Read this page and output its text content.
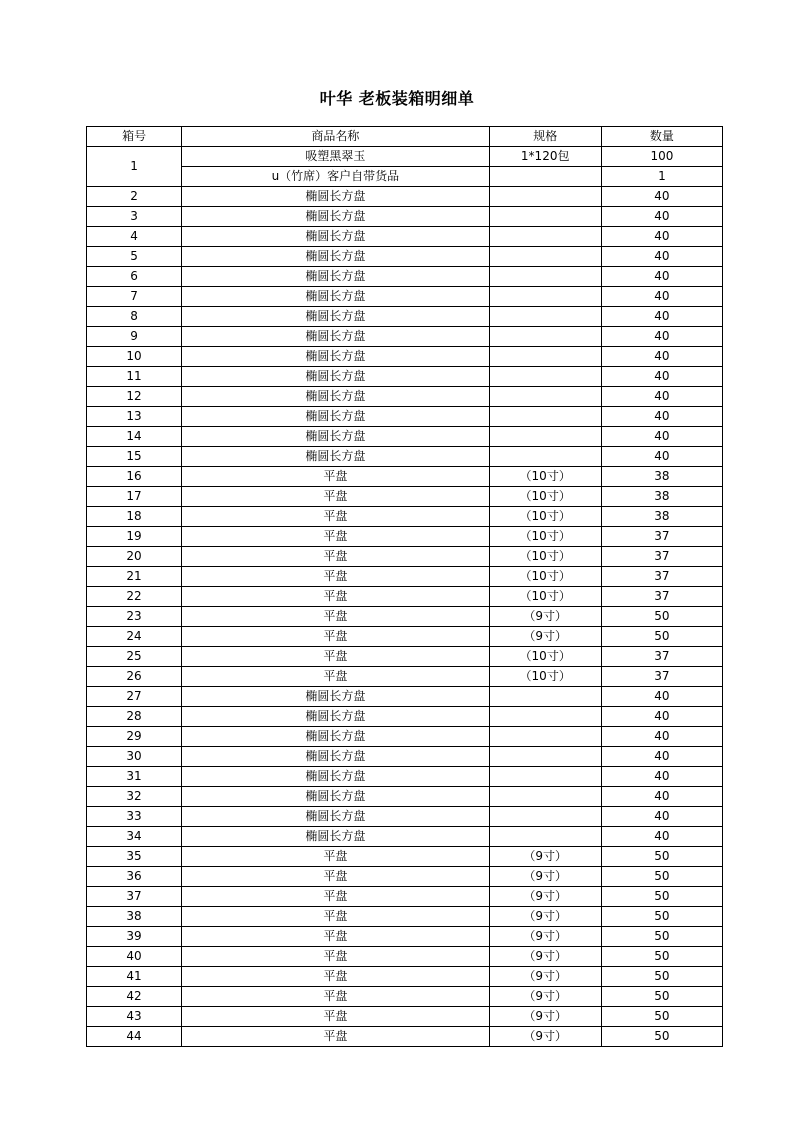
叶华 老板装箱明细单
箱号	商品名称	规格	数量
1	吸塑黑翠玉	1*120包	100
	u（竹席）客户自带货品		1
2	椭圆长方盘		40
3	椭圆长方盘		40
4	椭圆长方盘		40
5	椭圆长方盘		40
6	椭圆长方盘		40
7	椭圆长方盘		40
8	椭圆长方盘		40
9	椭圆长方盘		40
10	椭圆长方盘		40
11	椭圆长方盘		40
12	椭圆长方盘		40
13	椭圆长方盘		40
14	椭圆长方盘		40
15	椭圆长方盘		40
16	平盘	（10寸）	38
17	平盘	（10寸）	38
18	平盘	（10寸）	38
19	平盘	（10寸）	37
20	平盘	（10寸）	37
21	平盘	（10寸）	37
22	平盘	（10寸）	37
23	平盘	（9寸）	50
24	平盘	（9寸）	50
25	平盘	（10寸）	37
26	平盘	（10寸）	37
27	椭圆长方盘		40
28	椭圆长方盘		40
29	椭圆长方盘		40
30	椭圆长方盘		40
31	椭圆长方盘		40
32	椭圆长方盘		40
33	椭圆长方盘		40
34	椭圆长方盘		40
35	平盘	（9寸）	50
36	平盘	（9寸）	50
37	平盘	（9寸）	50
38	平盘	（9寸）	50
39	平盘	（9寸）	50
40	平盘	（9寸）	50
41	平盘	（9寸）	50
42	平盘	（9寸）	50
43	平盘	（9寸）	50
44	平盘	（9寸）	50
